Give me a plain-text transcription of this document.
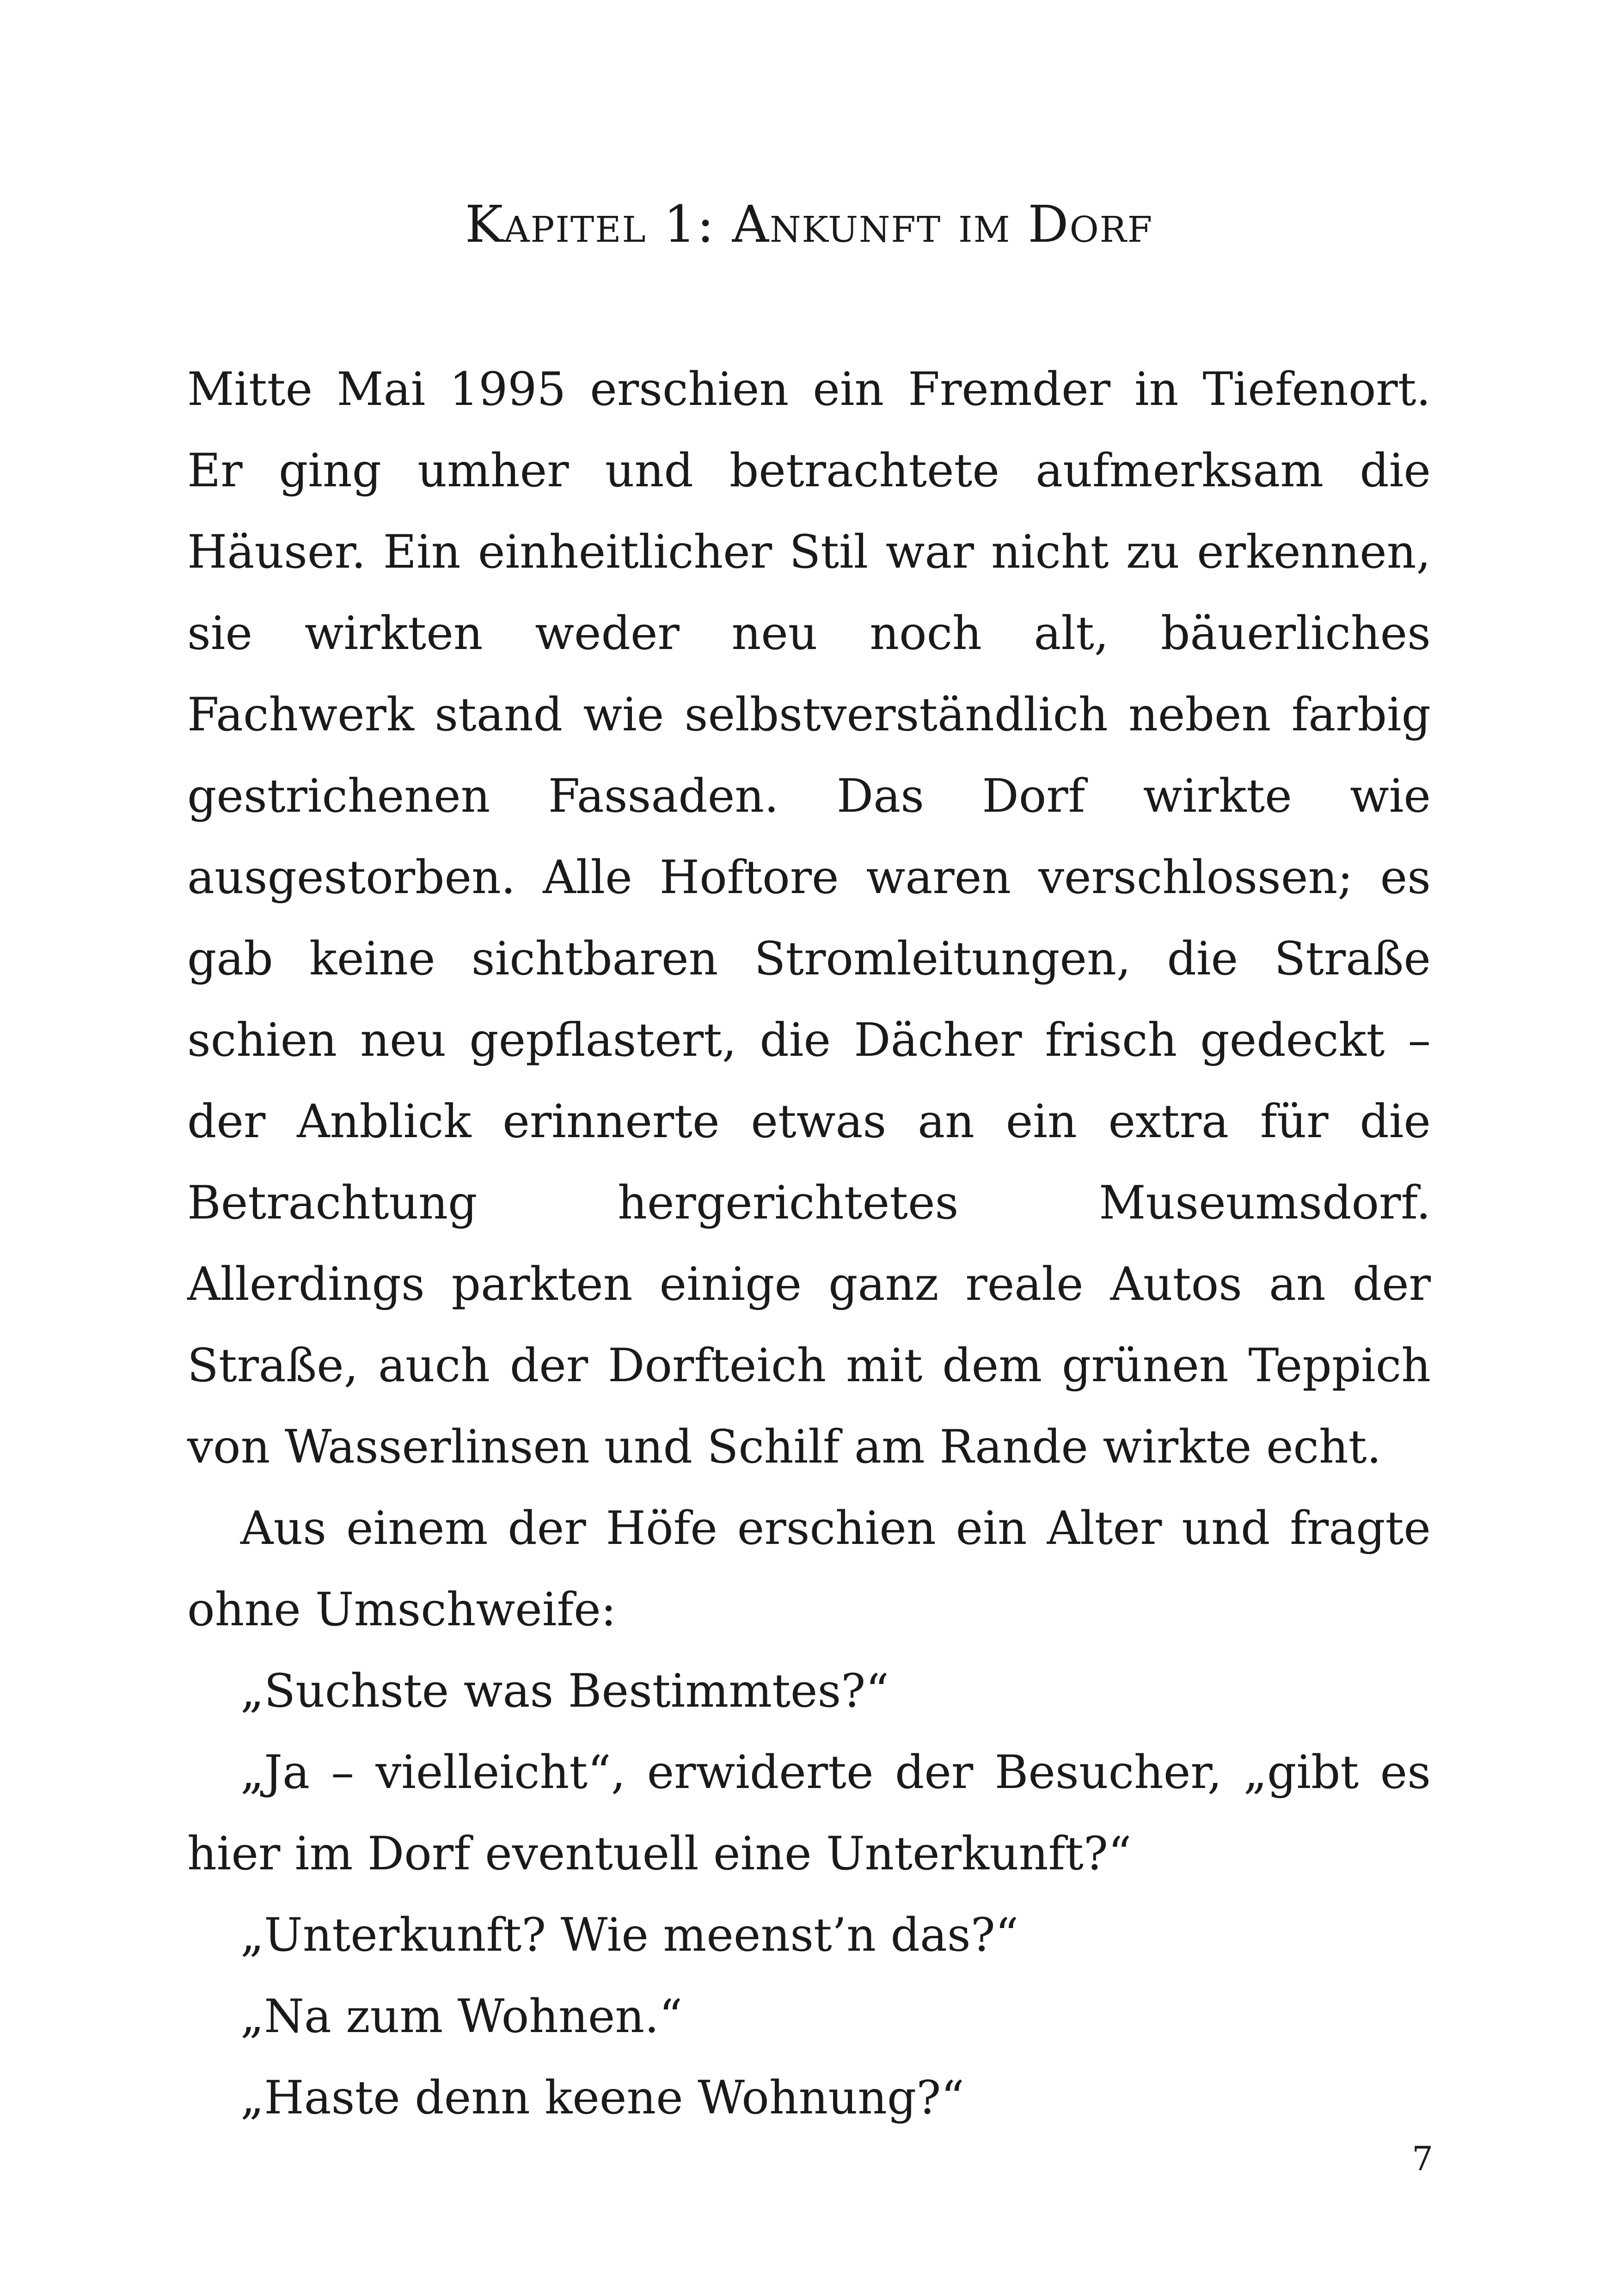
Kapitel 1: Ankunft im Dorf

Mitte Mai 1995 erschien ein Fremder in Tiefenort. Er ging umher und betrachtete aufmerksam die Häuser. Ein einheitlicher Stil war nicht zu erkennen, sie wirkten weder neu noch alt, bäuerliches Fachwerk stand wie selbstverständlich neben farbig gestrichenen Fassaden. Das Dorf wirkte wie ausgestorben. Alle Hoftore waren verschlossen; es gab keine sichtbaren Stromleitungen, die Straße schien neu gepflastert, die Dächer frisch gedeckt – der Anblick erinnerte etwas an ein extra für die Betrachtung hergerichtetes Museumsdorf. Allerdings parkten einige ganz reale Autos an der Straße, auch der Dorfteich mit dem grünen Teppich von Wasserlinsen und Schilf am Rande wirkte echt.

Aus einem der Höfe erschien ein Alter und fragte ohne Umschweife:

„Suchste was Bestimmtes?“

„Ja – vielleicht“, erwiderte der Besucher, „gibt es hier im Dorf eventuell eine Unterkunft?“

„Unterkunft? Wie meenst’n das?“

„Na zum Wohnen.“

„Haste denn keene Wohnung?“

7
